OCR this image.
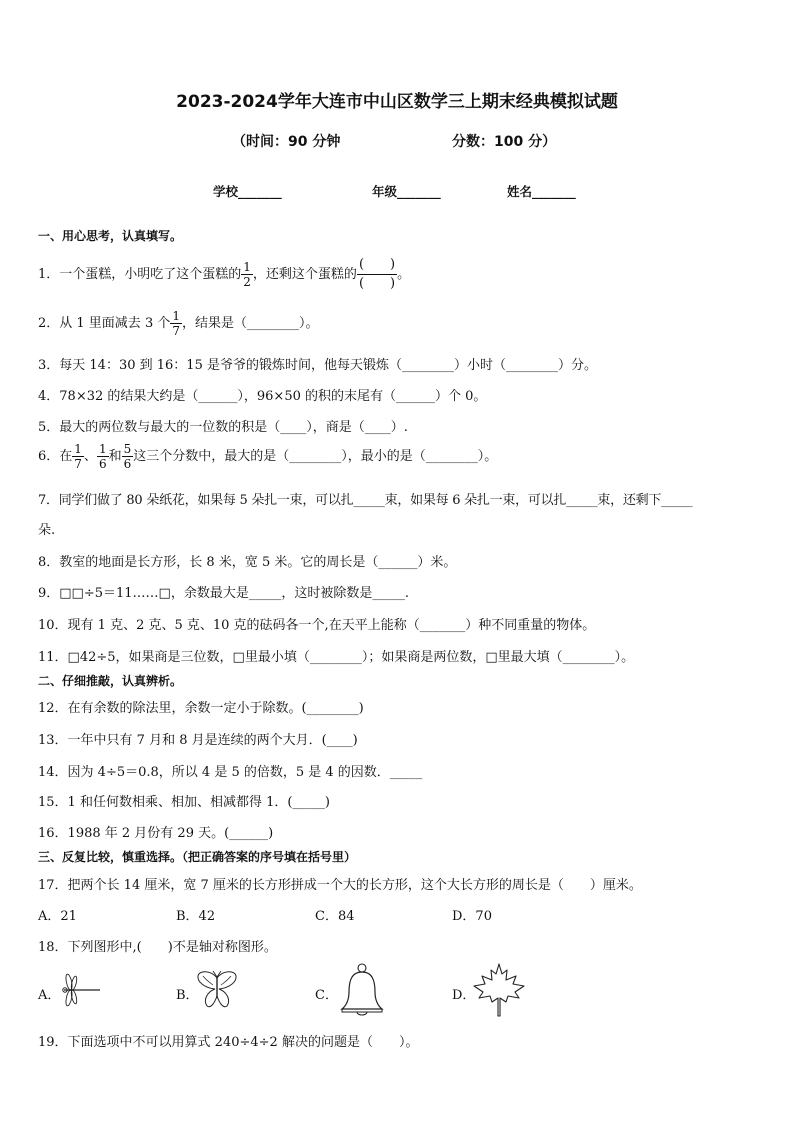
2023-2024学年大连市中山区数学三上期末经典模拟试题
（时间：90 分钟	分数：100 分）
学校_______	年级_______	姓名_______
一、用心思考，认真填写。
1．一个蛋糕，小明吃了这个蛋糕的 $\frac{1}{2}$ ，还剩这个蛋糕的
(　　)
(　　)。
2．从 1 里面减去 3 个 $\frac{1}{7}$ ，结果是（________）。
3．每天 14：30 到 16：15 是爷爷的锻炼时间，他每天锻炼（________）小时（________）分。
4．78×32 的结果大约是（______），96×50 的积的末尾有（______）个 0。
5．最大的两位数与最大的一位数的积是（____），商是（____）.
6．在 $\frac{1}{7}$ 、 $\frac{1}{6}$ 和 $\frac{5}{6}$ 这三个分数中，最大的是（________），最小的是（________）。
7．同学们做了 80 朵纸花，如果每 5 朵扎一束，可以扎_____束，如果每 6 朵扎一束，可以扎_____束，还剩下_____
朵.
8．教室的地面是长方形，长 8 米，宽 5 米。它的周长是（______）米。
9．□□÷5＝11……□，余数最大是_____，这时被除数是_____.
10．现有 1 克、2 克、5 克、10 克的砝码各一个,在天平上能称（_______）种不同重量的物体。
11．□42÷5，如果商是三位数，□里最小填（________）；如果商是两位数，□里最大填（________）。
二、仔细推敲，认真辨析。
12．在有余数的除法里，余数一定小于除数。(________)
13．一年中只有 7 月和 8 月是连续的两个大月．(____)
14．因为 4÷5＝0.8，所以 4 是 5 的倍数，5 是 4 的因数．_____
15．1 和任何数相乘、相加、相减都得 1．(_____)
16．1988 年 2 月份有 29 天。(______)
三、反复比较，慎重选择。（把正确答案的序号填在括号里）
17．把两个长 14 厘米，宽 7 厘米的长方形拼成一个大的长方形，这个大长方形的周长是（　　）厘米。
A．21	B．42	C．84	D．70
18．下列图形中,(　　)不是轴对称图形。
A．	B．	C．	D．
19．下面选项中不可以用算式 240÷4÷2 解决的问题是（　　）。
